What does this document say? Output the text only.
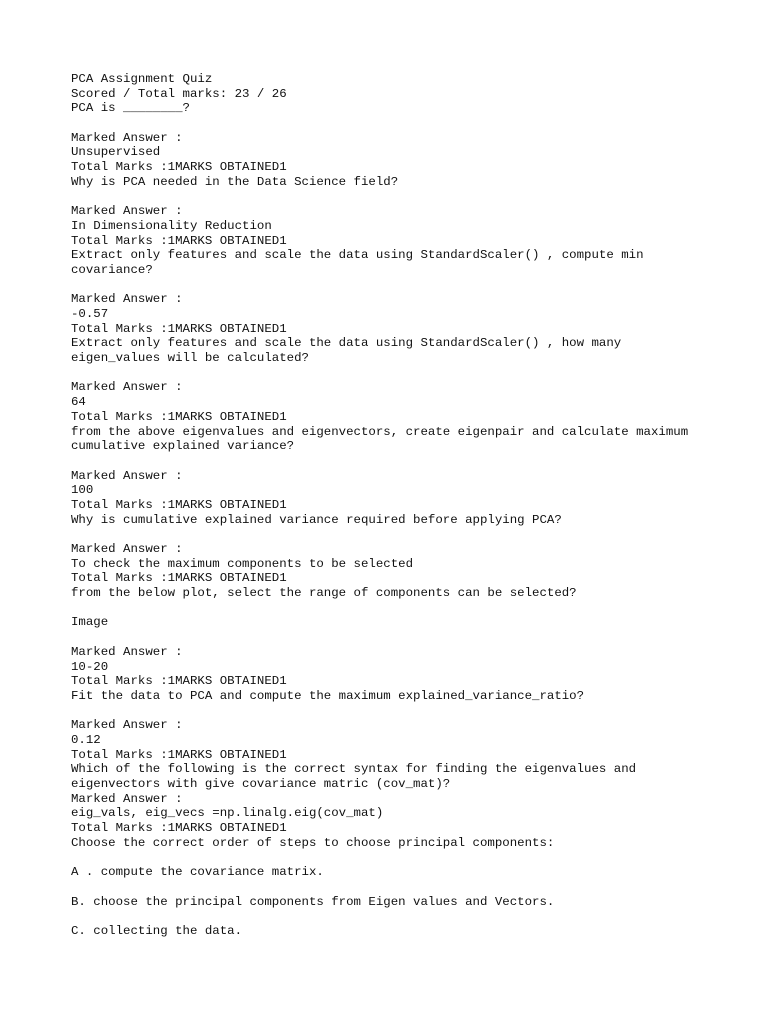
PCA Assignment Quiz
Scored / Total marks: 23 / 26
PCA is ________?
Marked Answer :
Unsupervised
Total Marks :1MARKS OBTAINED1
Why is PCA needed in the Data Science field?
Marked Answer :
In Dimensionality Reduction
Total Marks :1MARKS OBTAINED1
Extract only features and scale the data using StandardScaler() , compute min
covariance?
Marked Answer :
-0.57
Total Marks :1MARKS OBTAINED1
Extract only features and scale the data using StandardScaler() , how many
eigen_values will be calculated?
Marked Answer :
64
Total Marks :1MARKS OBTAINED1
from the above eigenvalues and eigenvectors, create eigenpair and calculate maximum
cumulative explained variance?
Marked Answer :
100
Total Marks :1MARKS OBTAINED1
Why is cumulative explained variance required before applying PCA?
Marked Answer :
To check the maximum components to be selected
Total Marks :1MARKS OBTAINED1
from the below plot, select the range of components can be selected?
Image
Marked Answer :
10-20
Total Marks :1MARKS OBTAINED1
Fit the data to PCA and compute the maximum explained_variance_ratio?
Marked Answer :
0.12
Total Marks :1MARKS OBTAINED1
Which of the following is the correct syntax for finding the eigenvalues and
eigenvectors with give covariance matric (cov_mat)?
Marked Answer :
eig_vals, eig_vecs =np.linalg.eig(cov_mat)
Total Marks :1MARKS OBTAINED1
Choose the correct order of steps to choose principal components:
A . compute the covariance matrix.
B. choose the principal components from Eigen values and Vectors.
C. collecting the data.
